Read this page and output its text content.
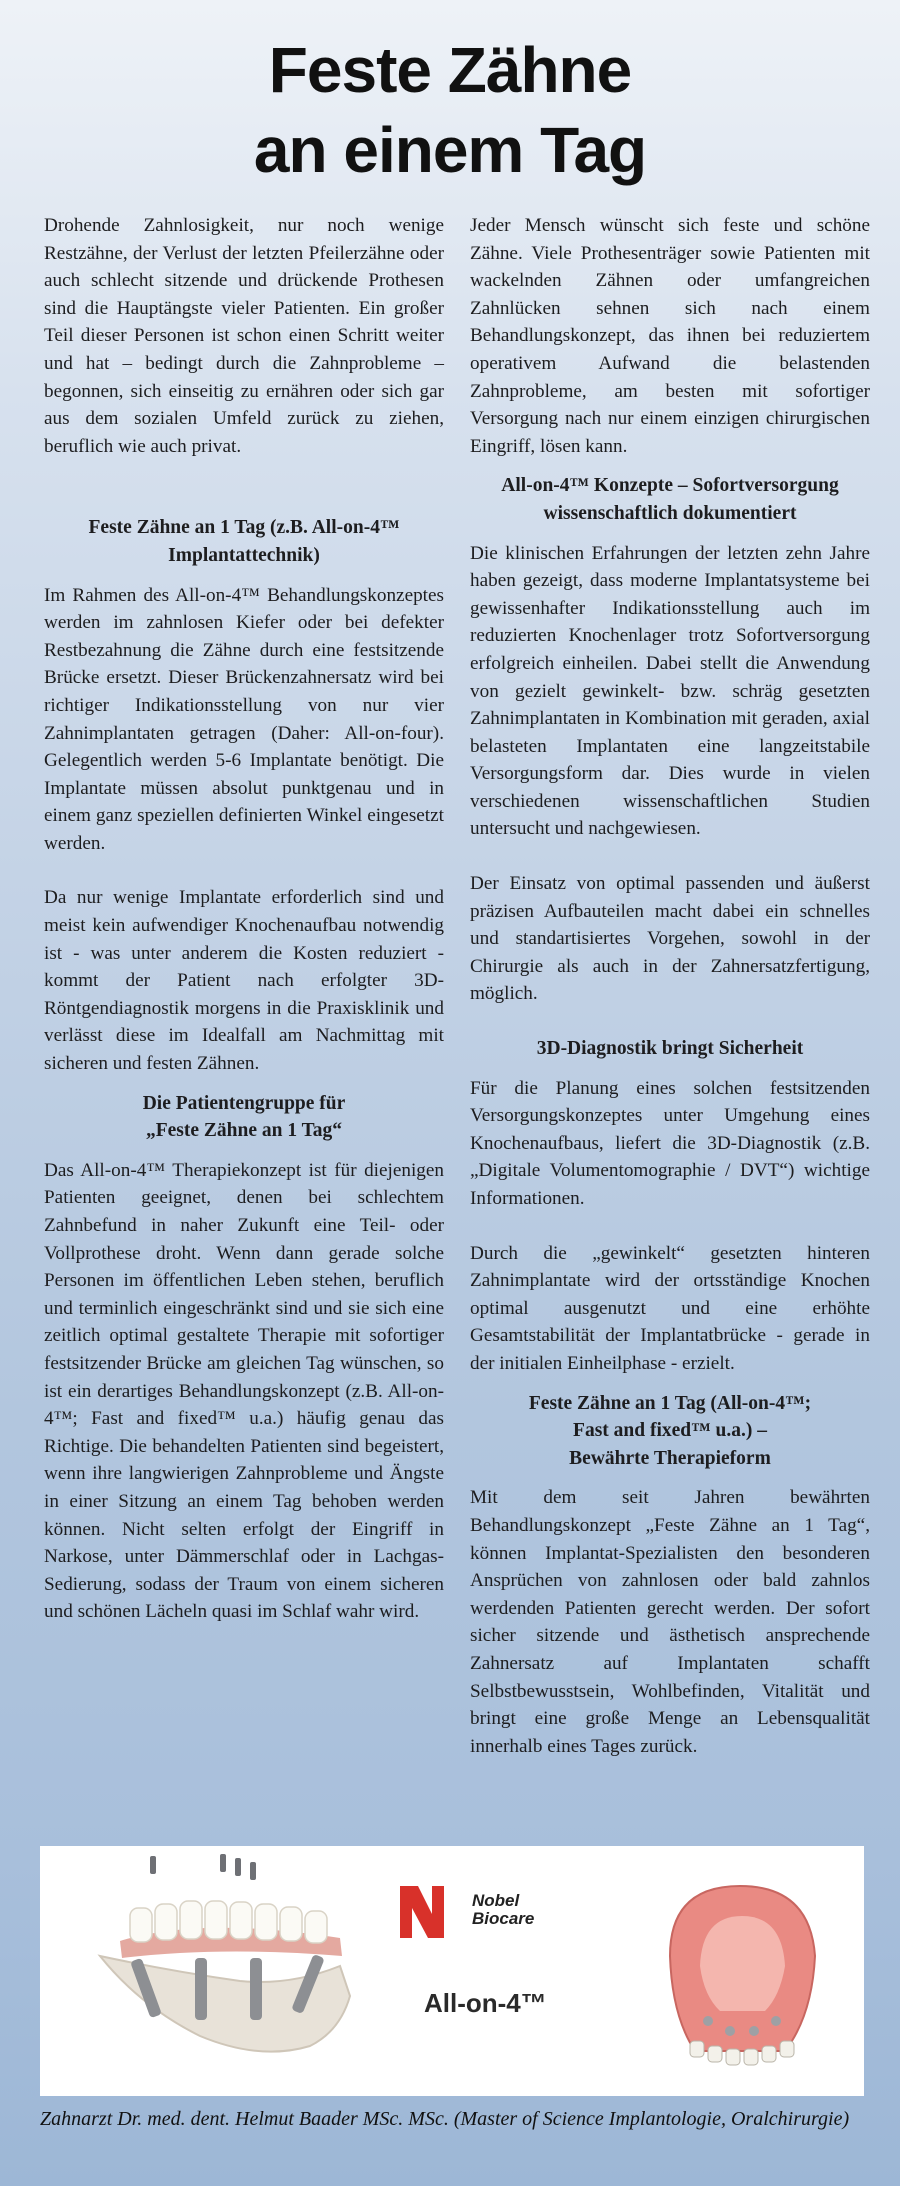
Feste Zähne
an einem Tag

Drohende Zahnlosigkeit, nur noch wenige Restzähne, der Verlust der letzten Pfeilerzähne oder auch schlecht sitzende und drückende Prothesen sind die Hauptängste vieler Patienten. Ein großer Teil dieser Personen ist schon einen Schritt weiter und hat – bedingt durch die Zahnprobleme – begonnen, sich einseitig zu ernähren oder sich gar aus dem sozialen Umfeld zurück zu ziehen, beruflich wie auch privat.

Feste Zähne an 1 Tag (z.B. All-on-4™
Implantattechnik)

Im Rahmen des All-on-4™ Behandlungskonzeptes werden im zahnlosen Kiefer oder bei defekter Restbezahnung die Zähne durch eine festsitzende Brücke ersetzt. Dieser Brückenzahnersatz wird bei richtiger Indikationsstellung von nur vier Zahnimplantaten getragen (Daher: All-on-four). Gelegentlich werden 5-6 Implantate benötigt. Die Implantate müssen absolut punktgenau und in einem ganz speziellen definierten Winkel eingesetzt werden.

Da nur wenige Implantate erforderlich sind und meist kein aufwendiger Knochenaufbau notwendig ist - was unter anderem die Kosten reduziert - kommt der Patient nach erfolgter 3D-Röntgendiagnostik morgens in die Praxisklinik und verlässt diese im Idealfall am Nachmittag mit sicheren und festen Zähnen.

Die Patientengruppe für
„Feste Zähne an 1 Tag“

Das All-on-4™ Therapiekonzept ist für diejenigen Patienten geeignet, denen bei schlechtem Zahnbefund in naher Zukunft eine Teil- oder Vollprothese droht. Wenn dann gerade solche Personen im öffentlichen Leben stehen, beruflich und terminlich eingeschränkt sind und sie sich eine zeitlich optimal gestaltete Therapie mit sofortiger festsitzender Brücke am gleichen Tag wünschen, so ist ein derartiges Behandlungskonzept (z.B. All-on-4™; Fast and fixed™ u.a.) häufig genau das Richtige. Die behandelten Patienten sind begeistert, wenn ihre langwierigen Zahnprobleme und Ängste in einer Sitzung an einem Tag behoben werden können. Nicht selten erfolgt der Eingriff in Narkose, unter Dämmerschlaf oder in Lachgas-Sedierung, sodass der Traum von einem sicheren und schönen Lächeln quasi im Schlaf wahr wird.

Jeder Mensch wünscht sich feste und schöne Zähne. Viele Prothesenträger sowie Patienten mit wackelnden Zähnen oder umfangreichen Zahnlücken sehnen sich nach einem Behandlungskonzept, das ihnen bei reduziertem operativem Aufwand die belastenden Zahnprobleme, am besten mit sofortiger Versorgung nach nur einem einzigen chirurgischen Eingriff, lösen kann.

All-on-4™ Konzepte – Sofortversorgung wissenschaftlich dokumentiert

Die klinischen Erfahrungen der letzten zehn Jahre haben gezeigt, dass moderne Implantatsysteme bei gewissenhafter Indikationsstellung auch im reduzierten Knochenlager trotz Sofortversorgung erfolgreich einheilen. Dabei stellt die Anwendung von gezielt gewinkelt- bzw. schräg gesetzten Zahnimplantaten in Kombination mit geraden, axial belasteten Implantaten eine langzeitstabile Versorgungsform dar. Dies wurde in vielen verschiedenen wissenschaftlichen Studien untersucht und nachgewiesen.

Der Einsatz von optimal passenden und äußerst präzisen Aufbauteilen macht dabei ein schnelles und standartisiertes Vorgehen, sowohl in der Chirurgie als auch in der Zahnersatzfertigung, möglich.

3D-Diagnostik bringt Sicherheit

Für die Planung eines solchen festsitzenden Versorgungskonzeptes unter Umgehung eines Knochenaufbaus, liefert die 3D-Diagnostik (z.B. „Digitale Volumentomographie / DVT“) wichtige Informationen.

Durch die „gewinkelt“ gesetzten hinteren Zahnimplantate wird der ortsständige Knochen optimal ausgenutzt und eine erhöhte Gesamtstabilität der Implantatbrücke - gerade in der initialen Einheilphase - erzielt.

Feste Zähne an 1 Tag (All-on-4™;
Fast and fixed™ u.a.) –
Bewährte Therapieform

Mit dem seit Jahren bewährten Behandlungskonzept „Feste Zähne an 1 Tag“, können Implantat-Spezialisten den besonderen Ansprüchen von zahnlosen oder bald zahnlos werdenden Patienten gerecht werden. Der sofort sicher sitzende und ästhetisch ansprechende Zahnersatz auf Implantaten schafft Selbstbewusstsein, Wohlbefinden, Vitalität und bringt eine große Menge an Lebensqualität innerhalb eines Tages zurück.

Nobel
Biocare
All-on-4™
Zahnarzt Dr. med. dent. Helmut Baader MSc. MSc. (Master of Science Implantologie, Oralchirurgie)
